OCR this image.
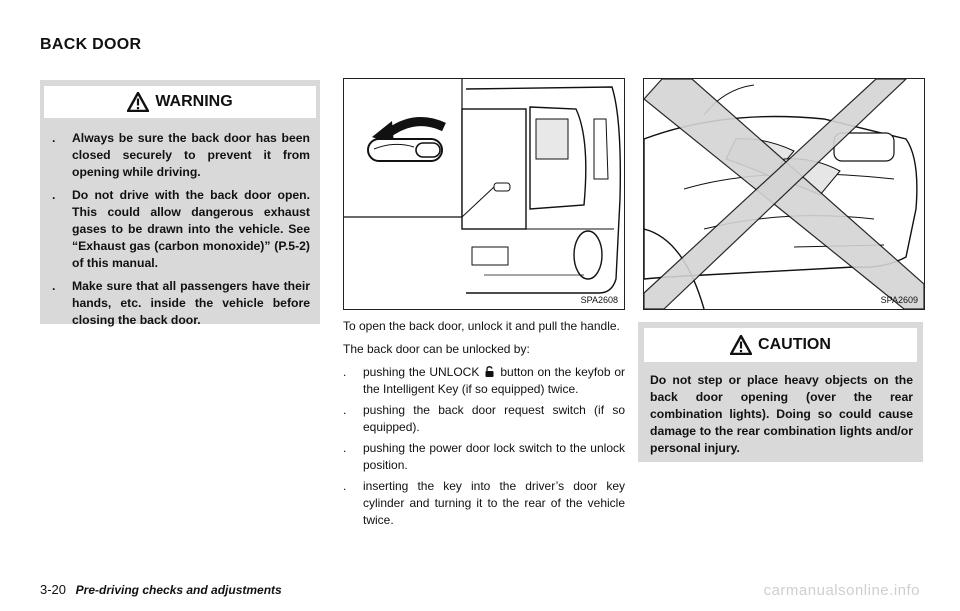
BACK DOOR
WARNING
.	Always be sure the back door has been closed securely to prevent it from opening while driving.
.	Do not drive with the back door open. This could allow dangerous exhaust gases to be drawn into the vehicle. See “Exhaust gas (carbon monoxide)” (P.5-2) of this manual.
.	Make sure that all passengers have their hands, etc. inside the vehicle before closing the back door.
SPA2608	SPA2609

To open the back door, unlock it and pull the handle.

The back door can be unlocked by:

.	pushing the UNLOCK button on the keyfob or the Intelligent Key (if so equipped) twice.
.	pushing the back door request switch (if so equipped).
.	pushing the power door lock switch to the unlock position.
.	inserting the key into the driver’s door key cylinder and turning it to the rear of the vehicle twice.
CAUTION
Do not step or place heavy objects on the back door opening (over the rear combination lights). Doing so could cause damage to the rear combination lights and/or personal injury.
3-20 Pre-driving checks and adjustments	carmanualsonline.info
